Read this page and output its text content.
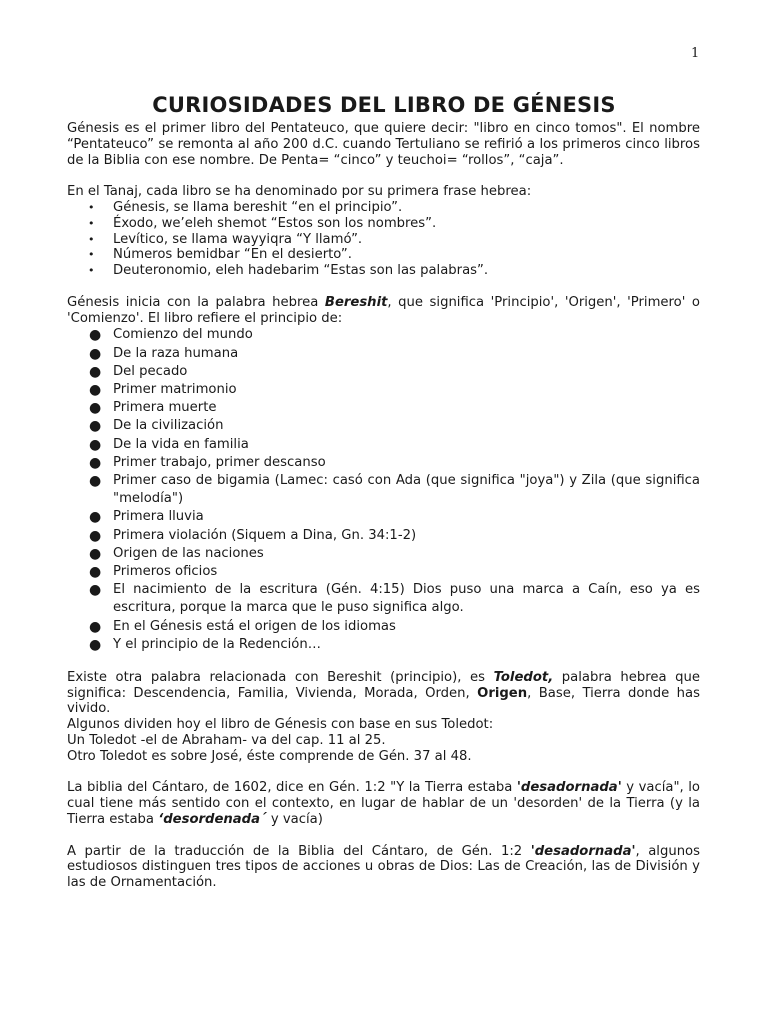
1
CURIOSIDADES DEL LIBRO DE GÉNESIS

Génesis es el primer libro del Pentateuco, que quiere decir: "libro en cinco tomos". El nombre “Pentateuco” se remonta al año 200 d.C. cuando Tertuliano se refirió a los primeros cinco libros de la Biblia con ese nombre. De Penta= “cinco” y teuchoi= “rollos”, “caja”.

En el Tanaj, cada libro se ha denominado por su primera frase hebrea:

• Génesis, se llama bereshit “en el principio”.
• Éxodo, we’eleh shemot “Estos son los nombres”.
• Levítico, se llama wayyiqra “Y llamó”.
• Números bemidbar “En el desierto”.
• Deuteronomio, eleh hadebarim “Estas son las palabras”.

Génesis inicia con la palabra hebrea Bereshit, que significa 'Principio', 'Origen', 'Primero' o 'Comienzo'. El libro refiere el principio de:

● Comienzo del mundo
● De la raza humana
● Del pecado
● Primer matrimonio
● Primera muerte
● De la civilización
● De la vida en familia
● Primer trabajo, primer descanso
● Primer caso de bigamia (Lamec: casó con Ada (que significa "joya") y Zila (que significa "melodía")
● Primera lluvia
● Primera violación (Siquem a Dina, Gn. 34:1-2)
● Origen de las naciones
● Primeros oficios
● El nacimiento de la escritura (Gén. 4:15) Dios puso una marca a Caín, eso ya es escritura, porque la marca que le puso significa algo.
● En el Génesis está el origen de los idiomas
● Y el principio de la Redención…

Existe otra palabra relacionada con Bereshit (principio), es Toledot, palabra hebrea que significa: Descendencia, Familia, Vivienda, Morada, Orden, Origen, Base, Tierra donde has vivido.

Algunos dividen hoy el libro de Génesis con base en sus Toledot:

Un Toledot -el de Abraham- va del cap. 11 al 25.

Otro Toledot es sobre José, éste comprende de Gén. 37 al 48.

La biblia del Cántaro, de 1602, dice en Gén. 1:2 "Y la Tierra estaba 'desadornada' y vacía", lo cual tiene más sentido con el contexto, en lugar de hablar de un 'desorden' de la Tierra (y la Tierra estaba ‘desordenada´ y vacía)

A partir de la traducción de la Biblia del Cántaro, de Gén. 1:2 'desadornada', algunos estudiosos distinguen tres tipos de acciones u obras de Dios: Las de Creación, las de División y las de Ornamentación.
